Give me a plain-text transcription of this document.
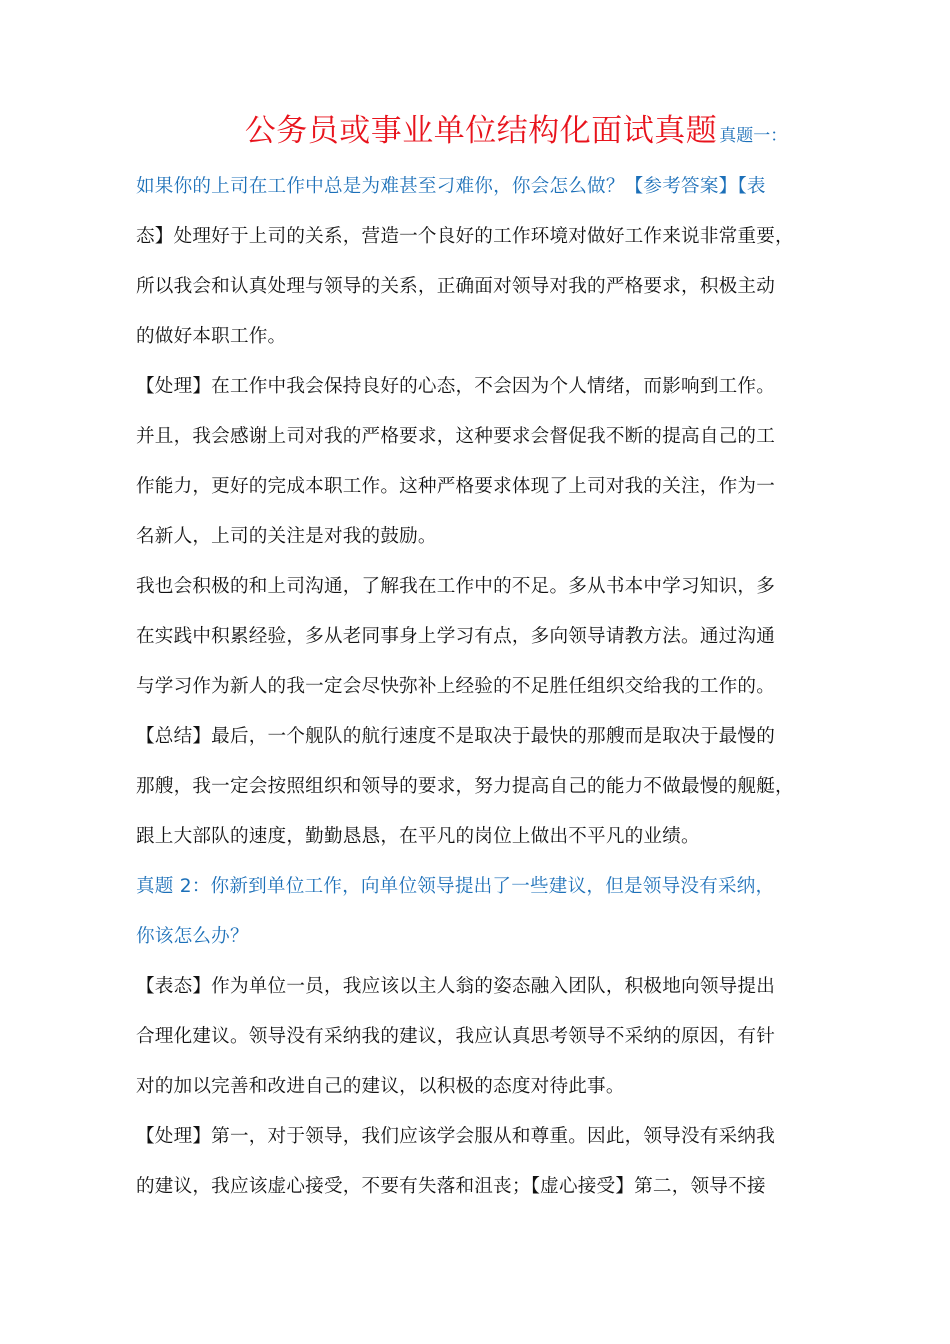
公务员或事业单位结构化面试真题 真题一：
如果你的上司在工作中总是为难甚至刁难你，你会怎么做？【参考答案】【表
态】处理好于上司的关系，营造一个良好的工作环境对做好工作来说非常重要，
所以我会和认真处理与领导的关系，正确面对领导对我的严格要求，积极主动
的做好本职工作。
【处理】在工作中我会保持良好的心态，不会因为个人情绪，而影响到工作。
并且，我会感谢上司对我的严格要求，这种要求会督促我不断的提高自己的工
作能力，更好的完成本职工作。这种严格要求体现了上司对我的关注，作为一
名新人，上司的关注是对我的鼓励。
我也会积极的和上司沟通，了解我在工作中的不足。多从书本中学习知识，多
在实践中积累经验，多从老同事身上学习有点，多向领导请教方法。通过沟通
与学习作为新人的我一定会尽快弥补上经验的不足胜任组织交给我的工作的。
【总结】最后，一个舰队的航行速度不是取决于最快的那艘而是取决于最慢的
那艘，我一定会按照组织和领导的要求，努力提高自己的能力不做最慢的舰艇，
跟上大部队的速度，勤勤恳恳，在平凡的岗位上做出不平凡的业绩。
真题 2：你新到单位工作，向单位领导提出了一些建议，但是领导没有采纳，
你该怎么办？
【表态】作为单位一员，我应该以主人翁的姿态融入团队，积极地向领导提出
合理化建议。领导没有采纳我的建议，我应认真思考领导不采纳的原因，有针
对的加以完善和改进自己的建议，以积极的态度对待此事。
【处理】第一，对于领导，我们应该学会服从和尊重。因此，领导没有采纳我
的建议，我应该虚心接受，不要有失落和沮丧；【虚心接受】第二，领导不接
